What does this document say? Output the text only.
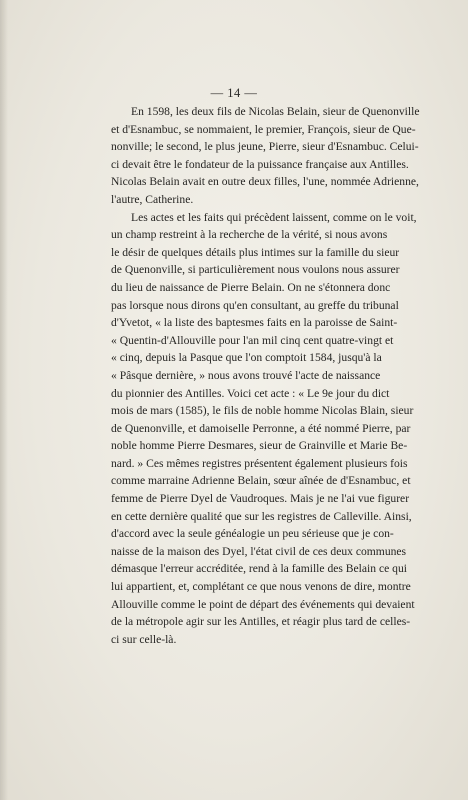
— 14 —

En 1598, les deux fils de Nicolas Belain, sieur de Quenonville
et d'Esnambuc, se nommaient, le premier, François, sieur de Que-
nonville; le second, le plus jeune, Pierre, sieur d'Esnambuc. Celui-
ci devait être le fondateur de la puissance française aux Antilles.
Nicolas Belain avait en outre deux filles, l'une, nommée Adrienne,
l'autre, Catherine.

Les actes et les faits qui précèdent laissent, comme on le voit,
un champ restreint à la recherche de la vérité, si nous avons
le désir de quelques détails plus intimes sur la famille du sieur
de Quenonville, si particulièrement nous voulons nous assurer
du lieu de naissance de Pierre Belain. On ne s'étonnera donc
pas lorsque nous dirons qu'en consultant, au greffe du tribunal
d'Yvetot, « la liste des baptesmes faits en la paroisse de Saint-
« Quentin-d'Allouville pour l'an mil cinq cent quatre-vingt et
« cinq, depuis la Pasque que l'on comptoit 1584, jusqu'à la
« Pâsque dernière, » nous avons trouvé l'acte de naissance
du pionnier des Antilles. Voici cet acte : « Le 9e jour du dict
mois de mars (1585), le fils de noble homme Nicolas Blain, sieur
de Quenonville, et damoiselle Perronne, a été nommé Pierre, par
noble homme Pierre Desmares, sieur de Grainville et Marie Be-
nard. » Ces mêmes registres présentent également plusieurs fois
comme marraine Adrienne Belain, sœur aînée de d'Esnambuc, et
femme de Pierre Dyel de Vaudroques. Mais je ne l'ai vue figurer
en cette dernière qualité que sur les registres de Calleville. Ainsi,
d'accord avec la seule généalogie un peu sérieuse que je con-
naisse de la maison des Dyel, l'état civil de ces deux communes
démasque l'erreur accréditée, rend à la famille des Belain ce qui
lui appartient, et, complétant ce que nous venons de dire, montre
Allouville comme le point de départ des événements qui devaient
de la métropole agir sur les Antilles, et réagir plus tard de celles-
ci sur celle-là.
